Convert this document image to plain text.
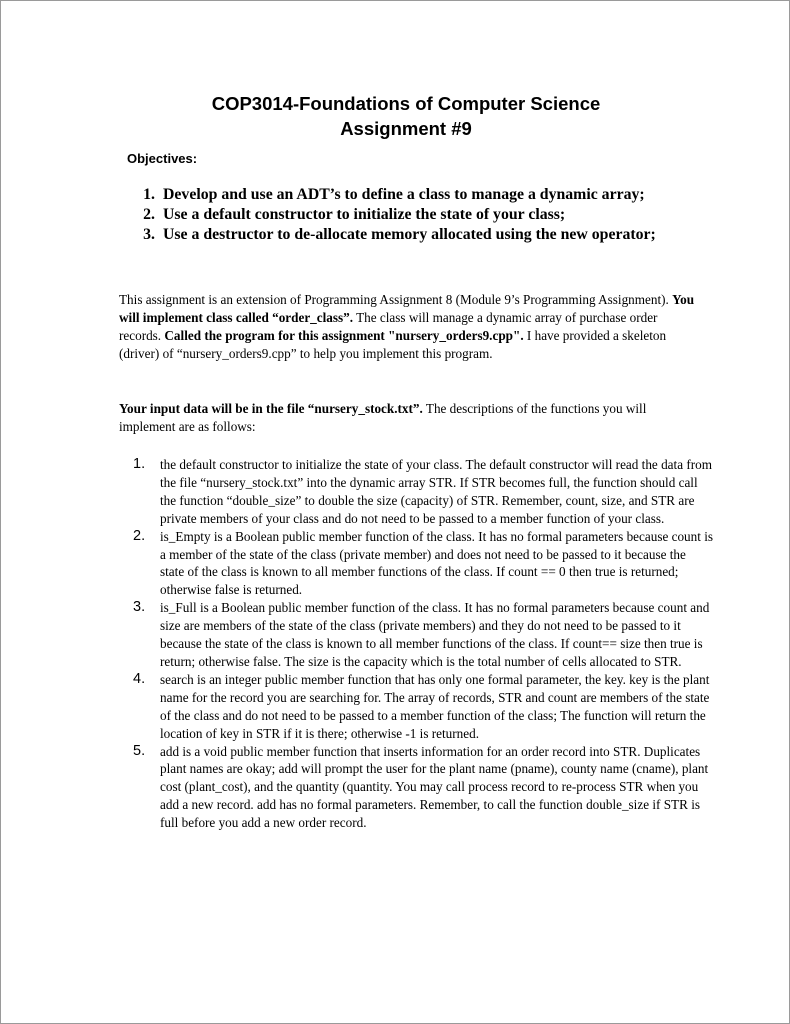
COP3014-Foundations of Computer Science
Assignment #9
Objectives:
1. Develop and use an ADT’s to define a class to manage a dynamic array;
2. Use a default constructor to initialize the state of your class;
3. Use a destructor to de-allocate memory allocated using the new operator;

This assignment is an extension of Programming Assignment 8 (Module 9’s Programming Assignment). You will implement class called “order_class”. The class will manage a dynamic array of purchase order records. Called the program for this assignment "nursery_orders9.cpp". I have provided a skeleton (driver) of “nursery_orders9.cpp” to help you implement this program.

Your input data will be in the file “nursery_stock.txt”. The descriptions of the functions you will implement are as follows:

1. the default constructor to initialize the state of your class. The default constructor will read the data from the file “nursery_stock.txt” into the dynamic array STR. If STR becomes full, the function should call the function “double_size” to double the size (capacity) of STR. Remember, count, size, and STR are private members of your class and do not need to be passed to a member function of your class.
2. is_Empty is a Boolean public member function of the class. It has no formal parameters because count is a member of the state of the class (private member) and does not need to be passed to it because the state of the class is known to all member functions of the class. If count == 0 then true is returned; otherwise false is returned.
3. is_Full is a Boolean public member function of the class. It has no formal parameters because count and size are members of the state of the class (private members) and they do not need to be passed to it because the state of the class is known to all member functions of the class. If count== size then true is return; otherwise false. The size is the capacity which is the total number of cells allocated to STR.
4. search is an integer public member function that has only one formal parameter, the key. key is the plant name for the record you are searching for. The array of records, STR and count are members of the state of the class and do not need to be passed to a member function of the class; The function will return the location of key in STR if it is there; otherwise -1 is returned.
5. add is a void public member function that inserts information for an order record into STR. Duplicates plant names are okay; add will prompt the user for the plant name (pname), county name (cname), plant cost (plant_cost), and the quantity (quantity. You may call process record to re-process STR when you add a new record. add has no formal parameters. Remember, to call the function double_size if STR is full before you add a new order record.
